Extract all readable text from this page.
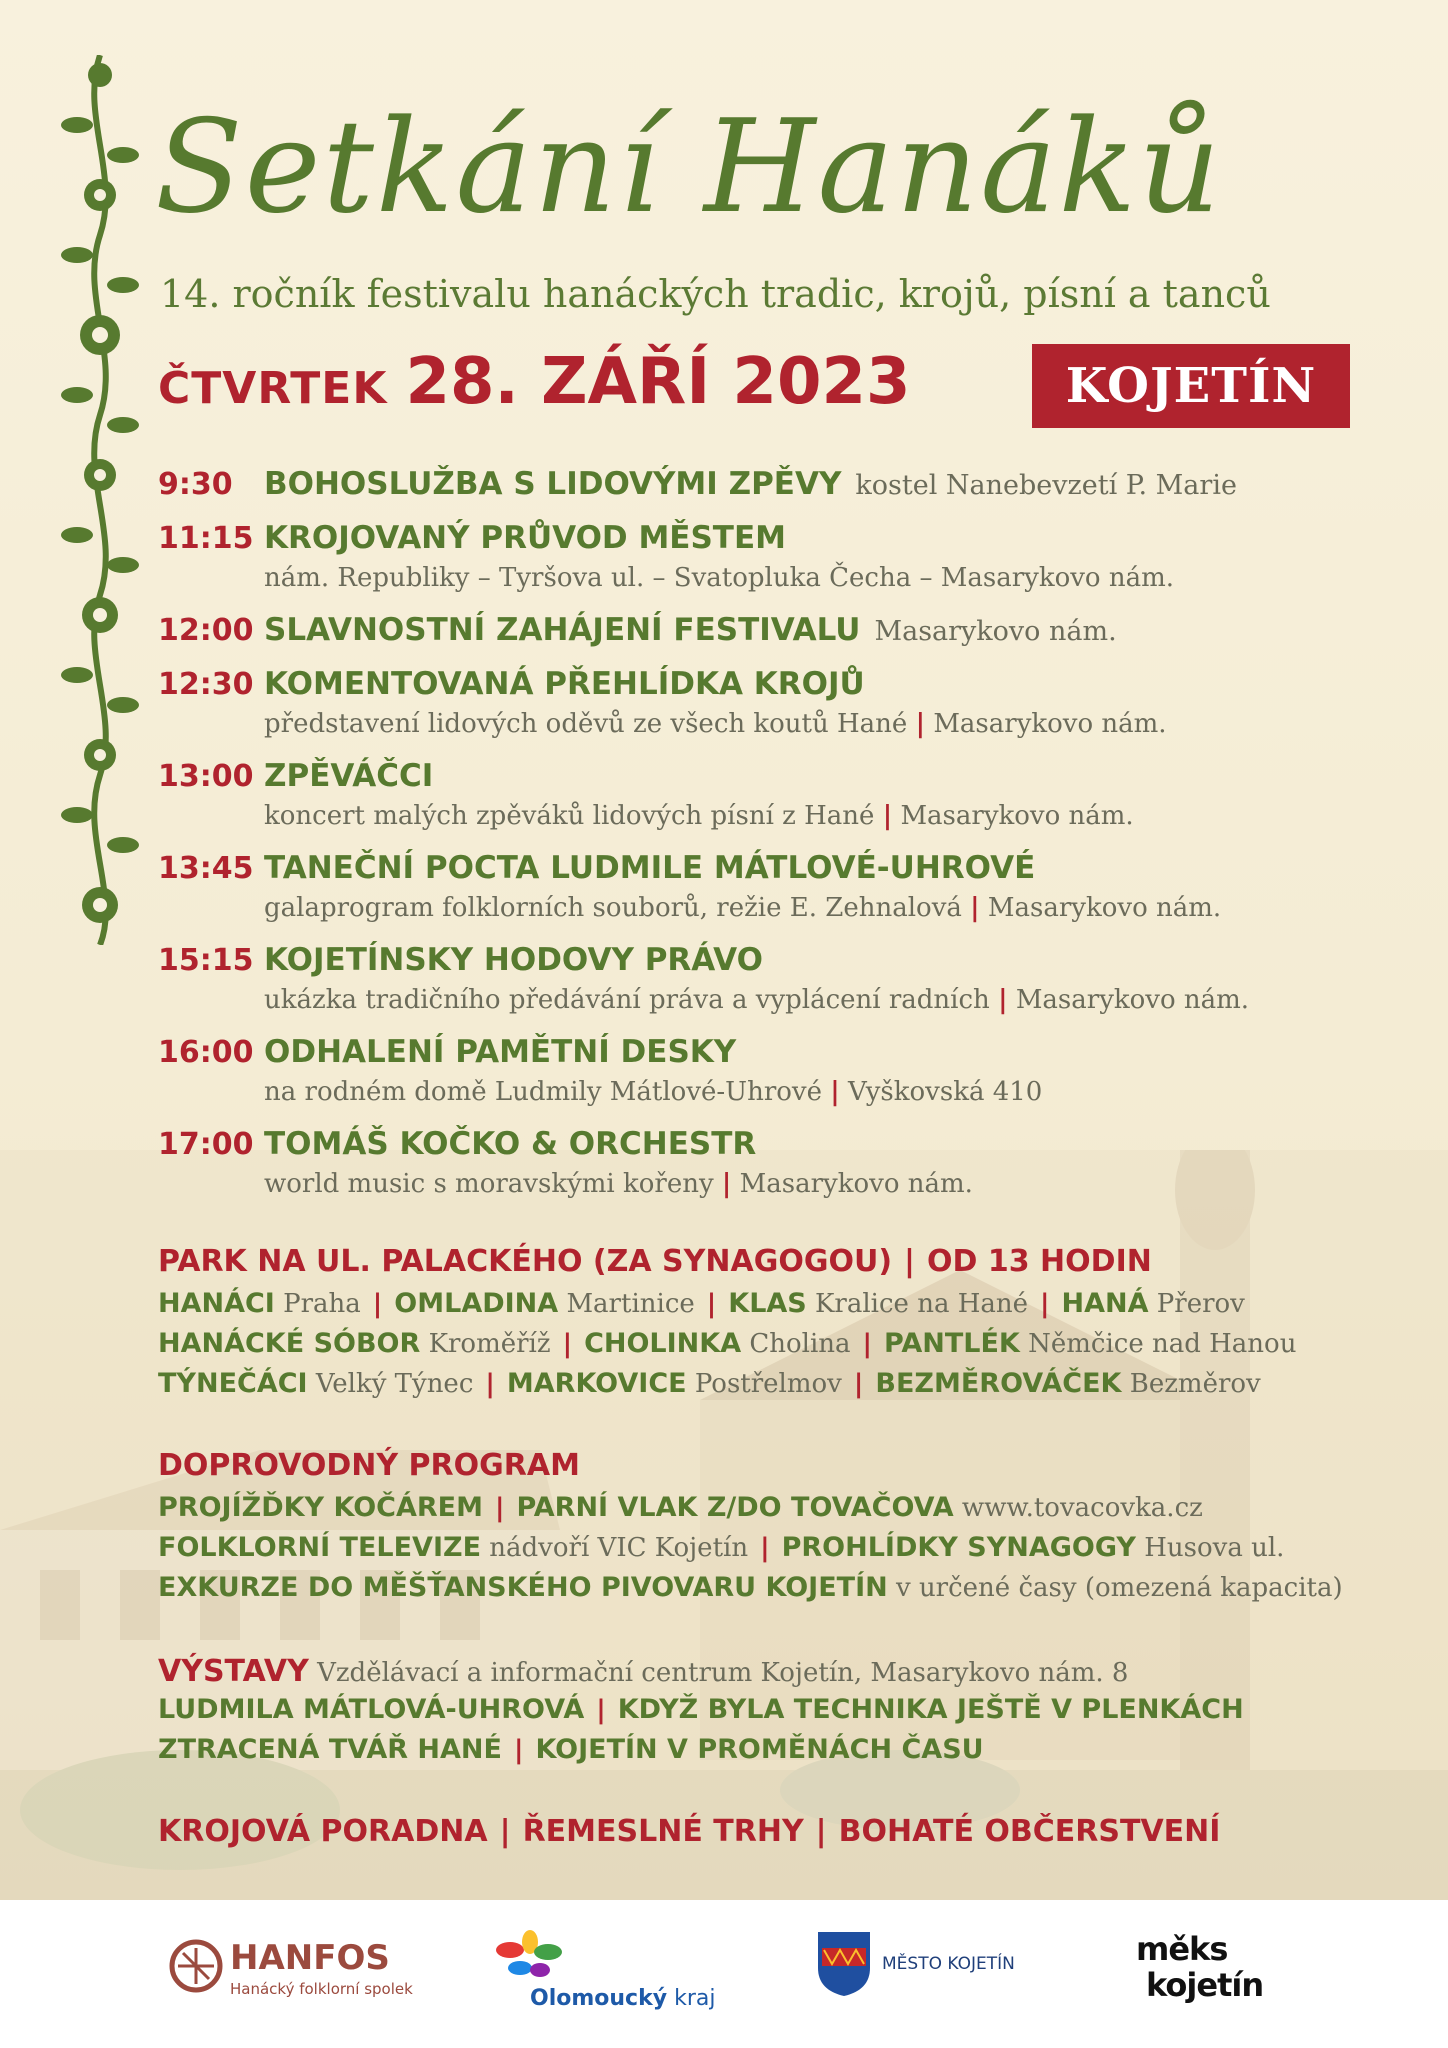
Setkání Hanáků
14. ročník festivalu hanáckých tradic, krojů, písní a tanců
ČTVRTEK 28. ZÁŘÍ 2023	KOJETÍN
9:30 BOHOSLUŽBA S LIDOVÝMI ZPĚVY kostel Nanebevzetí P. Marie
11:15 KROJOVANÝ PRŮVOD MĚSTEM
nám. Republiky – Tyršova ul. – Svatopluka Čecha – Masarykovo nám.
12:00 SLAVNOSTNÍ ZAHÁJENÍ FESTIVALU Masarykovo nám.
12:30 KOMENTOVANÁ PŘEHLÍDKA KROJŮ
představení lidových oděvů ze všech koutů Hané | Masarykovo nám.
13:00 ZPĚVÁČCI
koncert malých zpěváků lidových písní z Hané | Masarykovo nám.
13:45 TANEČNÍ POCTA LUDMILE MÁTLOVÉ-UHROVÉ
galaprogram folklorních souborů, režie E. Zehnalová | Masarykovo nám.
15:15 KOJETÍNSKY HODOVY PRÁVO
ukázka tradičního předávání práva a vyplácení radních | Masarykovo nám.
16:00 ODHALENÍ PAMĚTNÍ DESKY
na rodném domě Ludmily Mátlové-Uhrové | Vyškovská 410
17:00 TOMÁŠ KOČKO & ORCHESTR
world music s moravskými kořeny | Masarykovo nám.
PARK NA UL. PALACKÉHO (ZA SYNAGOGOU) | OD 13 HODIN
HANÁCI Praha | OMLADINA Martinice | KLAS Kralice na Hané | HANÁ Přerov
HANÁCKÉ SÓBOR Kroměříž | CHOLINKA Cholina | PANTLÉK Němčice nad Hanou
TÝNEČÁCI Velký Týnec | MARKOVICE Postřelmov | BEZMĚROVÁČEK Bezměrov
DOPROVODNÝ PROGRAM
PROJÍŽĎKY KOČÁREM | PARNÍ VLAK Z/DO TOVAČOVA www.tovacovka.cz
FOLKLORNÍ TELEVIZE nádvoří VIC Kojetín | PROHLÍDKY SYNAGOGY Husova ul.
EXKURZE DO MĚŠŤANSKÉHO PIVOVARU KOJETÍN v určené časy (omezená kapacita)
VÝSTAVY Vzdělávací a informační centrum Kojetín, Masarykovo nám. 8
LUDMILA MÁTLOVÁ-UHROVÁ | KDYŽ BYLA TECHNIKA JEŠTĚ V PLENKÁCH
ZTRACENÁ TVÁŘ HANÉ | KOJETÍN V PROMĚNÁCH ČASU
KROJOVÁ PORADNA | ŘEMESLNÉ TRHY | BOHATÉ OBČERSTVENÍ
HANFOS
Hanácký folklorní spolek	Olomoucký kraj
MĚSTO KOJETÍN	měks
kojetín
